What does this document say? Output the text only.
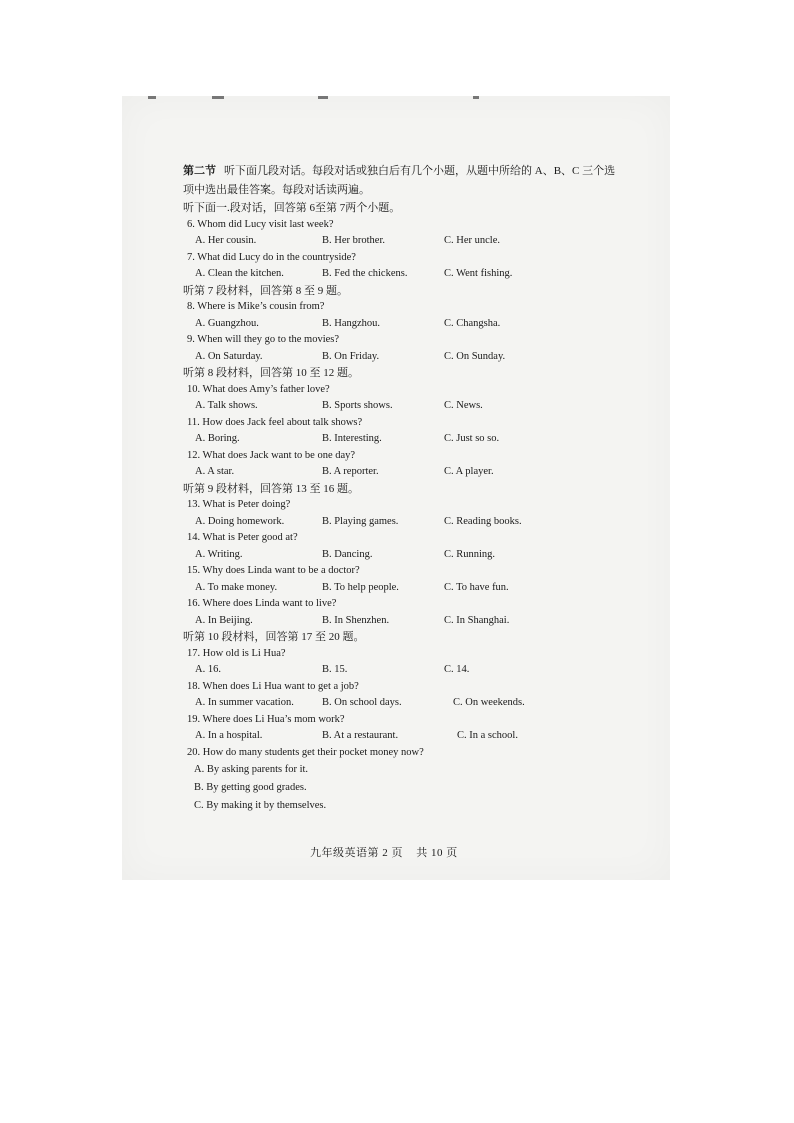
第二节 听下面几段对话。每段对话或独白后有几个小题，从题中所给的 A、B、C 三个选

项中选出最佳答案。每段对话读两遍。

听下面一.段对话，回答第 6至第 7两个小题。

6. Whom did Lucy visit last week?

A. Her cousin.	B. Her brother.	C. Her uncle.

7. What did Lucy do in the countryside?

A. Clean the kitchen.	B. Fed the chickens.	C. Went fishing.

听第 7 段材料，回答第 8 至 9 题。

8. Where is Mike’s cousin from?

A. Guangzhou.	B. Hangzhou.	C. Changsha.

9. When will they go to the movies?

A. On Saturday.	B. On Friday.	C. On Sunday.

听第 8 段材料，回答第 10 至 12 题。

10. What does Amy’s father love?

A. Talk shows.	B. Sports shows.	C. News.

11. How does Jack feel about talk shows?

A. Boring.	B. Interesting.	C. Just so so.

12. What does Jack want to be one day?

A. A star.	B. A reporter.	C. A player.

听第 9 段材料，回答第 13 至 16 题。

13. What is Peter doing?

A. Doing homework.	B. Playing games.	C. Reading books.

14. What is Peter good at?

A. Writing.	B. Dancing.	C. Running.

15. Why does Linda want to be a doctor?

A. To make money.	B. To help people.	C. To have fun.

16. Where does Linda want to live?

A. In Beijing.	B. In Shenzhen.	C. In Shanghai.

听第 10 段材料，回答第 17 至 20 题。

17. How old is Li Hua?

A. 16.	B. 15.	C. 14.

18. When does Li Hua want to get a job?

A. In summer vacation.	B. On school days.	C. On weekends.

19. Where does Li Hua’s mom work?

A. In a hospital.	B. At a restaurant.	C. In a school.

20. How do many students get their pocket money now?

A. By asking parents for it.
B. By getting good grades.
C. By making it by themselves.
九年级英语第 2 页 共 10 页
